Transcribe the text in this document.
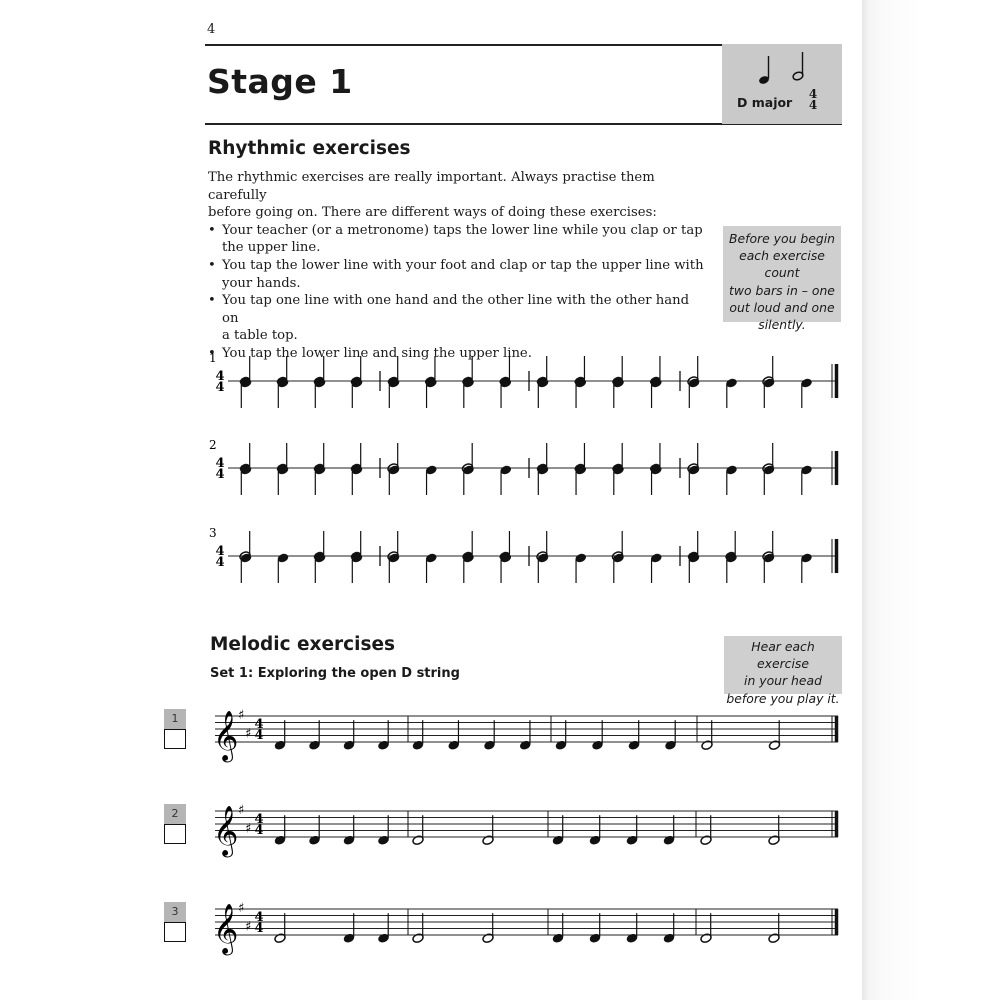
4
Stage 1
D major
4
4
Rhythmic exercises
The rhythmic exercises are really important. Always practise them carefully
before going on. There are different ways of doing these exercises:
• Your teacher (or a metronome) taps the lower line while you clap or tap
the upper line.
• You tap the lower line with your foot and clap or tap the upper line with
your hands.
• You tap one line with one hand and the other line with the other hand on
a table top.
• You tap the lower line and sing the upper line.
Before you begin
each exercise count
two bars in – one
out loud and one
silently.
1
4
4
2
4
4
3
4
4
Melodic exercises
Set 1: Exploring the open D string
Hear each exercise
in your head
before you play it.
1
2
3
𝄞 ♯
♯
4
4
𝄞 ♯
♯
4
4
𝄞 ♯
♯
4
4
